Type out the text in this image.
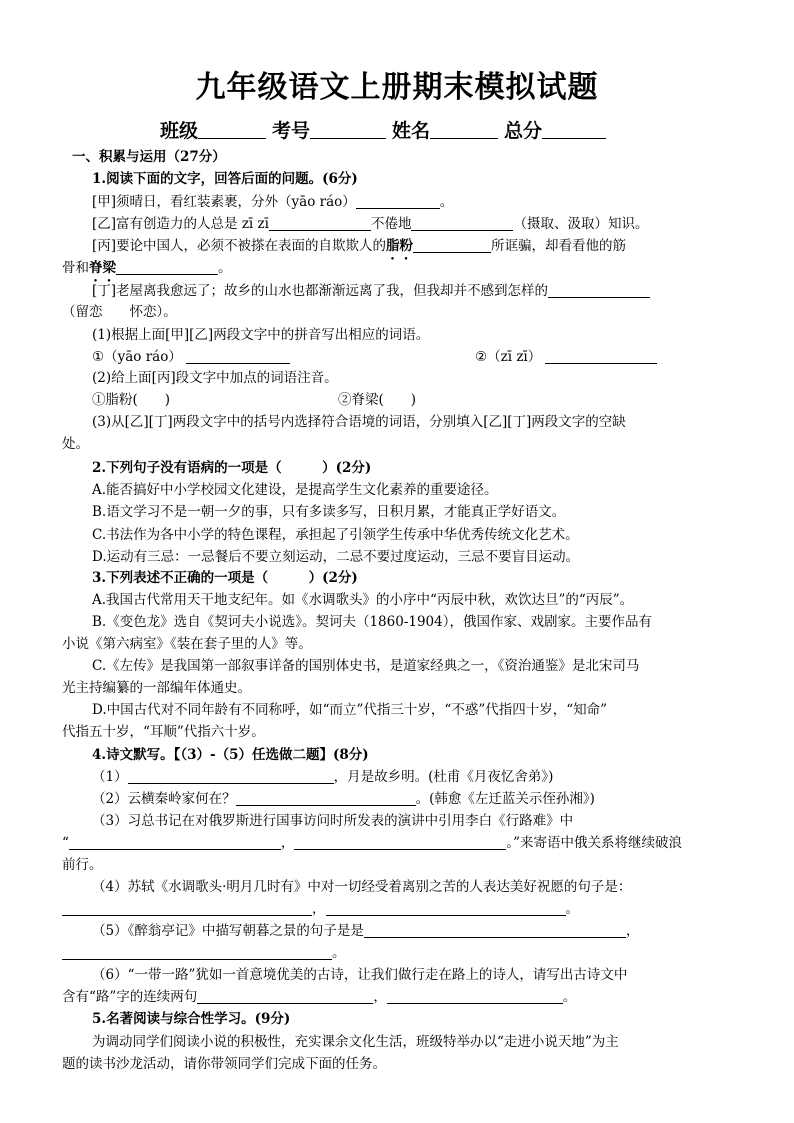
九年级语文上册期末模拟试题
班级	考号	姓名	总分
一、积累与运用（27分）
1.阅读下面的文字，回答后面的问题。(6分)
[甲]须晴日，看红装素裹，分外（yāo ráo）	。
[乙]富有创造力的人总是 zī zī	不倦地	（摄取、汲取）知识。
[丙]要论中国人，必须不被搽在表面的自欺欺人的脂粉	所诓骗，却看看他的筋
骨和脊梁	。
[丁]老屋离我愈远了；故乡的山水也都渐渐远离了我，但我却并不感到怎样的
（留恋　　怀恋）。
(1)根据上面[甲][乙]两段文字中的拼音写出相应的词语。
①（yāo ráo）	②（zī zī）
(2)给上面[丙]段文字中加点的词语注音。
①脂粉(　　)	②脊梁(　　)
(3)从[乙][丁]两段文字中的括号内选择符合语境的词语，分别填入[乙][丁]两段文字的空缺
处。
2.下列句子没有语病的一项是（　　　）(2分)
A.能否搞好中小学校园文化建设，是提高学生文化素养的重要途径。
B.语文学习不是一朝一夕的事，只有多读多写，日积月累，才能真正学好语文。
C.书法作为各中小学的特色课程，承担起了引领学生传承中华优秀传统文化艺术。
D.运动有三忌：一忌餐后不要立刻运动，二忌不要过度运动，三忌不要盲目运动。
3.下列表述不正确的一项是（　　　）(2分)
A.我国古代常用天干地支纪年。如《水调歌头》的小序中“丙辰中秋，欢饮达旦”的“丙辰”。
B.《变色龙》选自《契诃夫小说选》。契诃夫（1860-1904），俄国作家、戏剧家。主要作品有
小说《第六病室》《装在套子里的人》等。
C.《左传》是我国第一部叙事详备的国别体史书，是道家经典之一，《资治通鉴》是北宋司马
光主持编纂的一部编年体通史。
D.中国古代对不同年龄有不同称呼，如“而立”代指三十岁，“不惑”代指四十岁，“知命”
代指五十岁，“耳顺”代指六十岁。
4.诗文默写。【（3）-（5）任选做二题】(8分)
（1）	，月是故乡明。(杜甫《月夜忆舍弟》)
（2）云横秦岭家何在？	。(韩愈《左迁蓝关示侄孙湘》)
（3）习总书记在对俄罗斯进行国事访问时所发表的演讲中引用李白《行路难》中
“	，	。”来寄语中俄关系将继续破浪
前行。
（4）苏轼《水调歌头·明月几时有》中对一切经受着离别之苦的人表达美好祝愿的句子是：
，	。
（5）《醉翁亭记》中描写朝暮之景的句子是是	，
。
（6）“一带一路”犹如一首意境优美的古诗，让我们做行走在路上的诗人，请写出古诗文中
含有“路”字的连续两句	，	。
5.名著阅读与综合性学习。(9分)
为调动同学们阅读小说的积极性，充实课余文化生活，班级特举办以“走进小说天地”为主
题的读书沙龙活动，请你带领同学们完成下面的任务。
